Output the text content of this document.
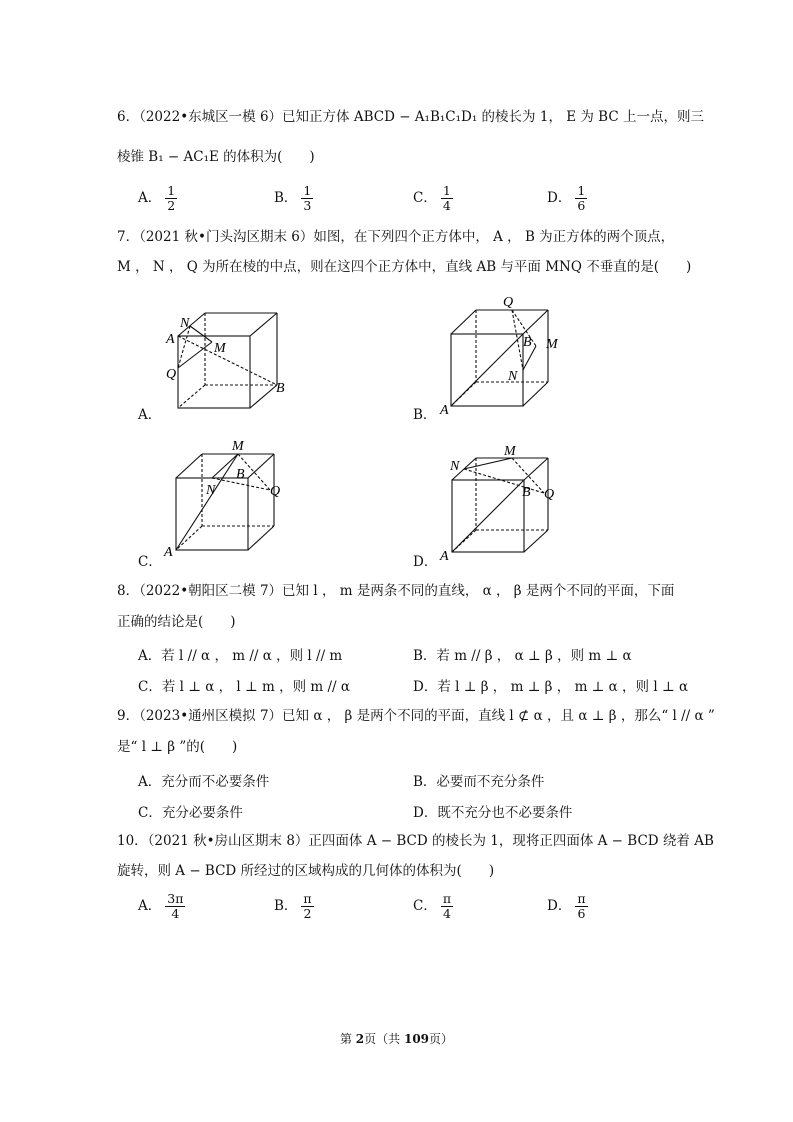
6．（2022•东城区一模 6）已知正方体 ABCD − A₁B₁C₁D₁ 的棱长为 1， E 为 BC 上一点，则三
棱锥 B₁ − AC₁E 的体积为(　　)
A． $\frac{1}{2}$	B． $\frac{1}{3}$	C． $\frac{1}{4}$	D． $\frac{1}{6}$
7．（2021 秋•门头沟区期末 6）如图，在下列四个正方体中， A ， B 为正方体的两个顶点，
M ， N ， Q 为所在棱的中点，则在这四个正方体中，直线 AB 与平面 MNQ 不垂直的是(　　)
N
A
M
Q
B
A．
Q
B M
N
A
B．
M
B
N	Q
A
C．
N
M
B Q
A
D．
8．（2022•朝阳区二模 7）已知 l ， m 是两条不同的直线， α ， β 是两个不同的平面，下面
正确的结论是(　　)
A．若 l // α ， m // α ，则 l // m	B．若 m // β ， α ⊥ β ，则 m ⊥ α
C．若 l ⊥ α ， l ⊥ m ，则 m // α	D．若 l ⊥ β ， m ⊥ β ， m ⊥ α ，则 l ⊥ α
9．（2023•通州区模拟 7）已知 α ， β 是两个不同的平面，直线 l ⊄ α ，且 α ⊥ β ，那么“ l // α ”
是“ l ⊥ β ”的(　　)
A．充分而不必要条件	B．必要而不充分条件
C．充分必要条件	D．既不充分也不必要条件
10．（2021 秋•房山区期末 8）正四面体 A − BCD 的棱长为 1，现将正四面体 A − BCD 绕着 AB
旋转，则 A − BCD 所经过的区域构成的几何体的体积为(　　)
A． $\frac{3\pi}{4}$	B． $\frac{\pi}{2}$	C． $\frac{\pi}{4}$	D． $\frac{\pi}{6}$
第 2页（共 109页）
